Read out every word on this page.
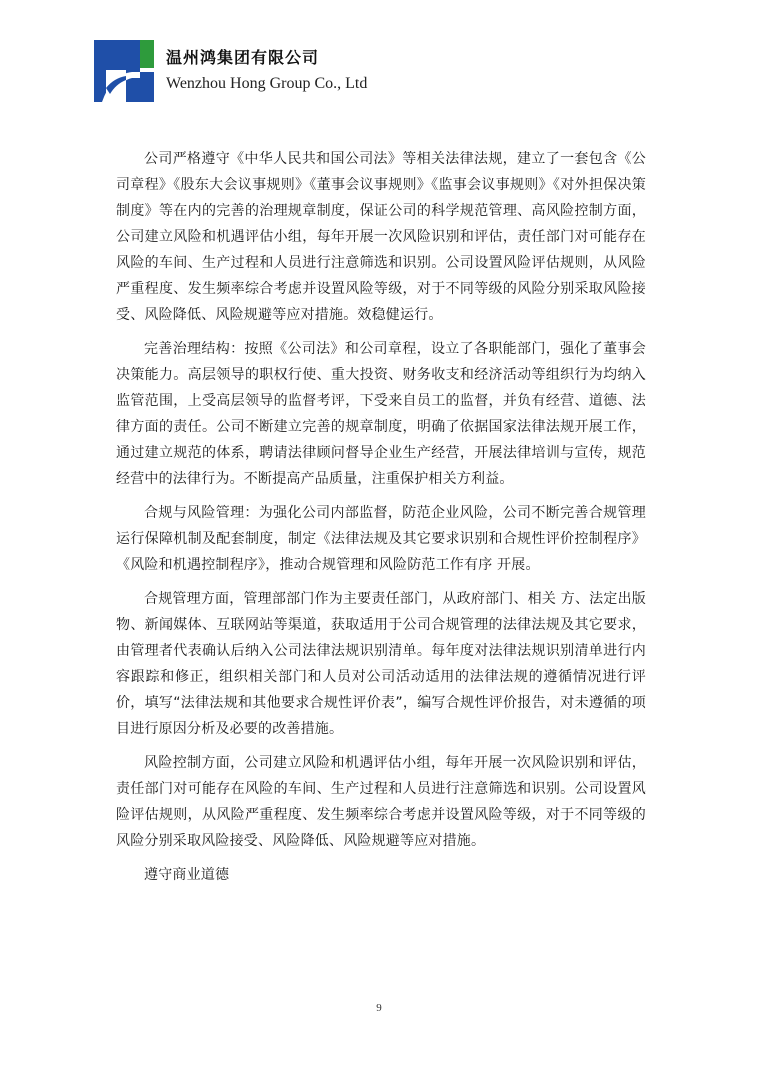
温州鸿集团有限公司
Wenzhou Hong Group Co., Ltd

公司严格遵守《中华人民共和国公司法》等相关法律法规，建立了一套包含《公司章程》《股东大会议事规则》《董事会议事规则》《监事会议事规则》《对外担保决策制度》等在内的完善的治理规章制度，保证公司的科学规范管理、高风险控制方面，公司建立风险和机遇评估小组，每年开展一次风险识别和评估，责任部门对可能存在风险的车间、生产过程和人员进行注意筛选和识别。公司设置风险评估规则，从风险严重程度、发生频率综合考虑并设置风险等级，对于不同等级的风险分别采取风险接受、风险降低、风险规避等应对措施。效稳健运行。

完善治理结构：按照《公司法》和公司章程，设立了各职能部门，强化了董事会决策能力。高层领导的职权行使、重大投资、财务收支和经济活动等组织行为均纳入监管范围，上受高层领导的监督考评，下受来自员工的监督，并负有经营、道德、法律方面的责任。公司不断建立完善的规章制度，明确了依据国家法律法规开展工作，通过建立规范的体系，聘请法律顾问督导企业生产经营，开展法律培训与宣传，规范经营中的法律行为。不断提高产品质量，注重保护相关方利益。

合规与风险管理：为强化公司内部监督，防范企业风险，公司不断完善合规管理运行保障机制及配套制度，制定《法律法规及其它要求识别和合规性评价控制程序》《风险和机遇控制程序》，推动合规管理和风险防范工作有序 开展。

合规管理方面，管理部部门作为主要责任部门，从政府部门、相关 方、法定出版物、新闻媒体、互联网站等渠道，获取适用于公司合规管理的法律法规及其它要求，由管理者代表确认后纳入公司法律法规识别清单。每年度对法律法规识别清单进行内容跟踪和修正，组织相关部门和人员对公司活动适用的法律法规的遵循情况进行评价，填写“法律法规和其他要求合规性评价表”，编写合规性评价报告，对未遵循的项目进行原因分析及必要的改善措施。

风险控制方面，公司建立风险和机遇评估小组，每年开展一次风险识别和评估，责任部门对可能存在风险的车间、生产过程和人员进行注意筛选和识别。公司设置风险评估规则，从风险严重程度、发生频率综合考虑并设置风险等级，对于不同等级的风险分别采取风险接受、风险降低、风险规避等应对措施。

遵守商业道德

9
